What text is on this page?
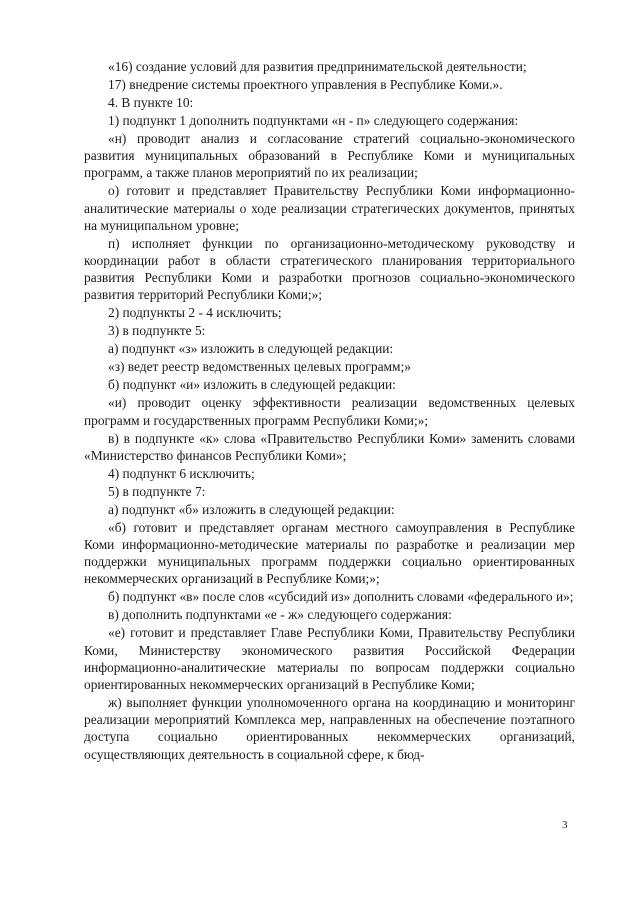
«16) создание условий для развития предпринимательской деятельности;

17) внедрение системы проектного управления в Республике Коми.».

4. В пункте 10:

1) подпункт 1 дополнить подпунктами «н - п» следующего содержания:

«н) проводит анализ и согласование стратегий социально-экономического развития муниципальных образований в Республике Коми и муниципальных программ, а также планов мероприятий по их реализации;

о) готовит и представляет Правительству Республики Коми информационно-аналитические материалы о ходе реализации стратегических документов, принятых на муниципальном уровне;

п) исполняет функции по организационно-методическому руководству и координации работ в области стратегического планирования территориального развития Республики Коми и разработки прогнозов социально-экономического развития территорий Республики Коми;»;

2) подпункты 2 - 4 исключить;

3) в подпункте 5:

а) подпункт «з» изложить в следующей редакции:

«з) ведет реестр ведомственных целевых программ;»

б) подпункт «и» изложить в следующей редакции:

«и) проводит оценку эффективности реализации ведомственных целевых программ и государственных программ Республики Коми;»;

в) в подпункте «к» слова «Правительство Республики Коми» заменить словами «Министерство финансов Республики Коми»;

4) подпункт 6 исключить;

5) в подпункте 7:

а) подпункт «б» изложить в следующей редакции:

«б) готовит и представляет органам местного самоуправления в Республике Коми информационно-методические материалы по разработке и реализации мер поддержки муниципальных программ поддержки социально ориентированных некоммерческих организаций в Республике Коми;»;

б) подпункт «в» после слов «субсидий из» дополнить словами «федерального и»;

в) дополнить подпунктами «е - ж» следующего содержания:

«е) готовит и представляет Главе Республики Коми, Правительству Республики Коми, Министерству экономического развития Российской Федерации информационно-аналитические материалы по вопросам поддержки социально ориентированных некоммерческих организаций в Республике Коми;

ж) выполняет функции уполномоченного органа на координацию и мониторинг реализации мероприятий Комплекса мер, направленных на обеспечение поэтапного доступа социально ориентированных некоммерческих организаций, осуществляющих деятельность в социальной сфере, к бюд-

3
